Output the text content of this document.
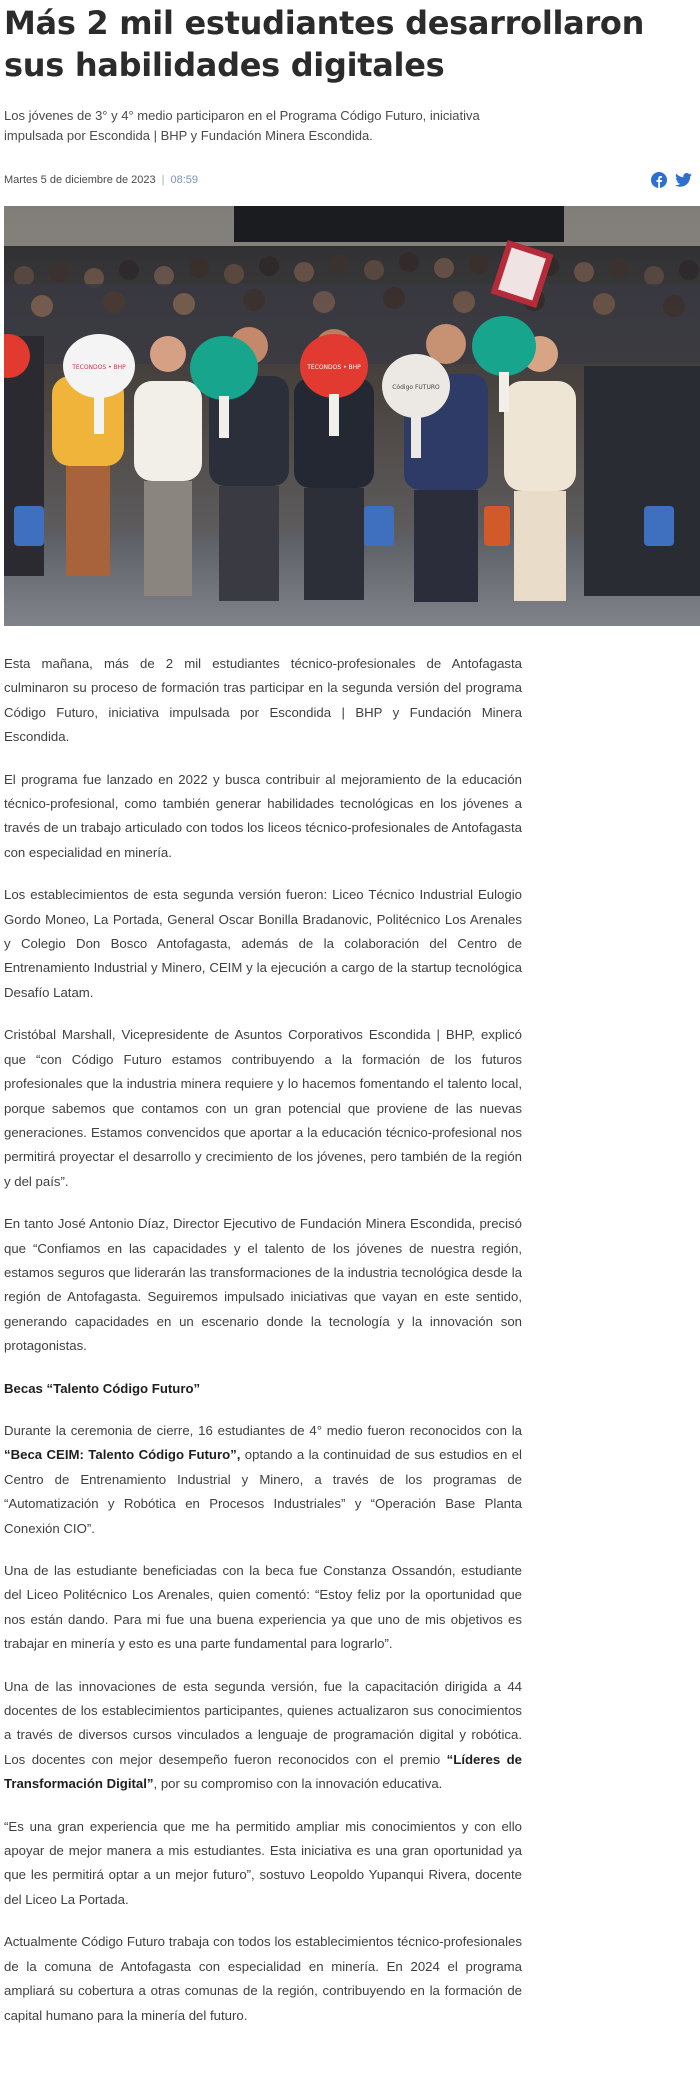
Más 2 mil estudiantes desarrollaron sus habilidades digitales

Los jóvenes de 3° y 4° medio participaron en el Programa Código Futuro, iniciativa impulsada por Escondida | BHP y Fundación Minera Escondida.

Martes 5 de diciembre de 2023 | 08:59
TECONDOS • BHP	TECONDOS • BHP
Código FUTURO

Esta mañana, más de 2 mil estudiantes técnico-profesionales de Antofagasta culminaron su proceso de formación tras participar en la segunda versión del programa Código Futuro, iniciativa impulsada por Escondida | BHP y Fundación Minera Escondida.

El programa fue lanzado en 2022 y busca contribuir al mejoramiento de la educación técnico-profesional, como también generar habilidades tecnológicas en los jóvenes a través de un trabajo articulado con todos los liceos técnico-profesionales de Antofagasta con especialidad en minería.

Los establecimientos de esta segunda versión fueron: Liceo Técnico Industrial Eulogio Gordo Moneo, La Portada, General Oscar Bonilla Bradanovic, Politécnico Los Arenales y Colegio Don Bosco Antofagasta, además de la colaboración del Centro de Entrenamiento Industrial y Minero, CEIM y la ejecución a cargo de la startup tecnológica Desafío Latam.

Cristóbal Marshall, Vicepresidente de Asuntos Corporativos Escondida | BHP, explicó que “con Código Futuro estamos contribuyendo a la formación de los futuros profesionales que la industria minera requiere y lo hacemos fomentando el talento local, porque sabemos que contamos con un gran potencial que proviene de las nuevas generaciones. Estamos convencidos que aportar a la educación técnico-profesional nos permitirá proyectar el desarrollo y crecimiento de los jóvenes, pero también de la región y del país”.

En tanto José Antonio Díaz, Director Ejecutivo de Fundación Minera Escondida, precisó que “Confiamos en las capacidades y el talento de los jóvenes de nuestra región, estamos seguros que liderarán las transformaciones de la industria tecnológica desde la región de Antofagasta. Seguiremos impulsado iniciativas que vayan en este sentido, generando capacidades en un escenario donde la tecnología y la innovación son protagonistas.

Becas “Talento Código Futuro”

Durante la ceremonia de cierre, 16 estudiantes de 4° medio fueron reconocidos con la “Beca CEIM: Talento Código Futuro”, optando a la continuidad de sus estudios en el Centro de Entrenamiento Industrial y Minero, a través de los programas de “Automatización y Robótica en Procesos Industriales” y “Operación Base Planta Conexión CIO”.

Una de las estudiante beneficiadas con la beca fue Constanza Ossandón, estudiante del Liceo Politécnico Los Arenales, quien comentó: “Estoy feliz por la oportunidad que nos están dando. Para mi fue una buena experiencia ya que uno de mis objetivos es trabajar en minería y esto es una parte fundamental para lograrlo”.

Una de las innovaciones de esta segunda versión, fue la capacitación dirigida a 44 docentes de los establecimientos participantes, quienes actualizaron sus conocimientos a través de diversos cursos vinculados a lenguaje de programación digital y robótica. Los docentes con mejor desempeño fueron reconocidos con el premio “Líderes de Transformación Digital”, por su compromiso con la innovación educativa.

“Es una gran experiencia que me ha permitido ampliar mis conocimientos y con ello apoyar de mejor manera a mis estudiantes. Esta iniciativa es una gran oportunidad ya que les permitirá optar a un mejor futuro”, sostuvo Leopoldo Yupanqui Rivera, docente del Liceo La Portada.

Actualmente Código Futuro trabaja con todos los establecimientos técnico-profesionales de la comuna de Antofagasta con especialidad en minería. En 2024 el programa ampliará su cobertura a otras comunas de la región, contribuyendo en la formación de capital humano para la minería del futuro.
